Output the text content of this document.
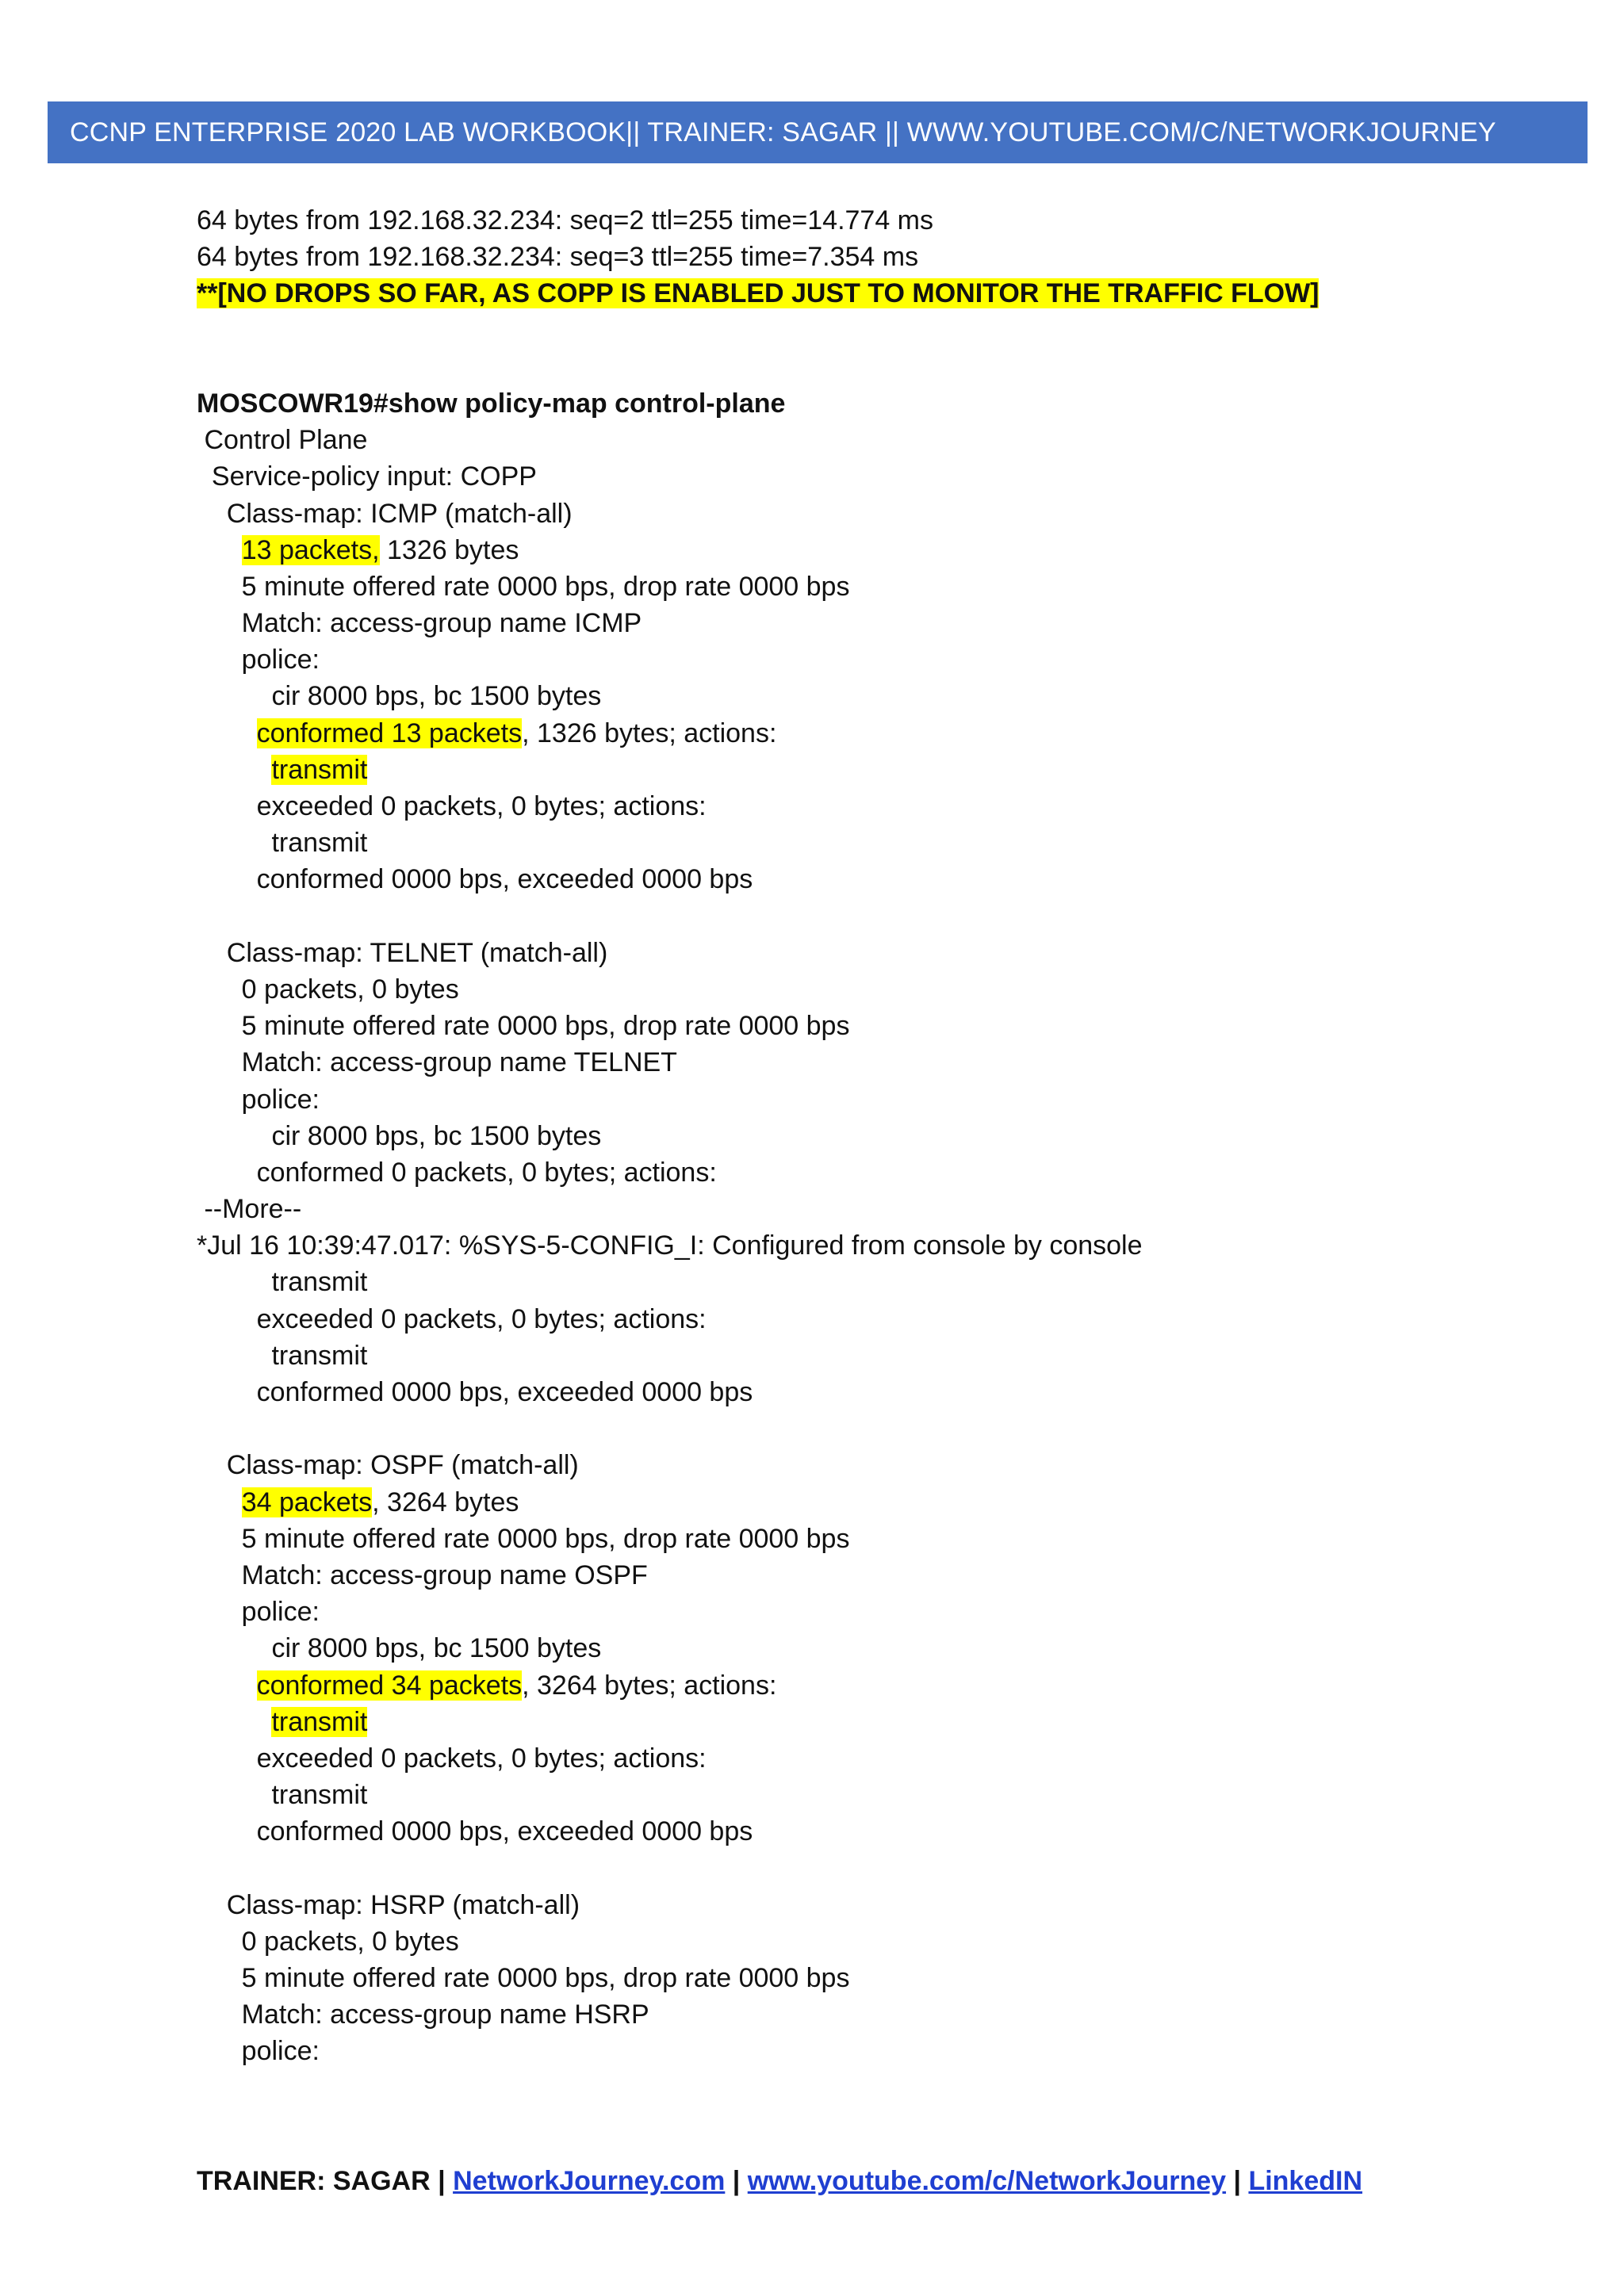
CCNP ENTERPRISE 2020 LAB WORKBOOK|| TRAINER: SAGAR || WWW.YOUTUBE.COM/C/NETWORKJOURNEY
64 bytes from 192.168.32.234: seq=2 ttl=255 time=14.774 ms
64 bytes from 192.168.32.234: seq=3 ttl=255 time=7.354 ms
**[NO DROPS SO FAR, AS COPP IS ENABLED JUST TO MONITOR THE TRAFFIC FLOW]
MOSCOWR19#show policy-map control-plane
Control Plane
Service-policy input: COPP
Class-map: ICMP (match-all)
13 packets, 1326 bytes
5 minute offered rate 0000 bps, drop rate 0000 bps
Match: access-group name ICMP
police:
cir 8000 bps, bc 1500 bytes
conformed 13 packets, 1326 bytes; actions:
transmit
exceeded 0 packets, 0 bytes; actions:
transmit
conformed 0000 bps, exceeded 0000 bps
Class-map: TELNET (match-all)
0 packets, 0 bytes
5 minute offered rate 0000 bps, drop rate 0000 bps
Match: access-group name TELNET
police:
cir 8000 bps, bc 1500 bytes
conformed 0 packets, 0 bytes; actions:
--More--
*Jul 16 10:39:47.017: %SYS-5-CONFIG_I: Configured from console by console
transmit
exceeded 0 packets, 0 bytes; actions:
transmit
conformed 0000 bps, exceeded 0000 bps
Class-map: OSPF (match-all)
34 packets, 3264 bytes
5 minute offered rate 0000 bps, drop rate 0000 bps
Match: access-group name OSPF
police:
cir 8000 bps, bc 1500 bytes
conformed 34 packets, 3264 bytes; actions:
transmit
exceeded 0 packets, 0 bytes; actions:
transmit
conformed 0000 bps, exceeded 0000 bps
Class-map: HSRP (match-all)
0 packets, 0 bytes
5 minute offered rate 0000 bps, drop rate 0000 bps
Match: access-group name HSRP
police:
TRAINER: SAGAR | NetworkJourney.com | www.youtube.com/c/NetworkJourney | LinkedIN
